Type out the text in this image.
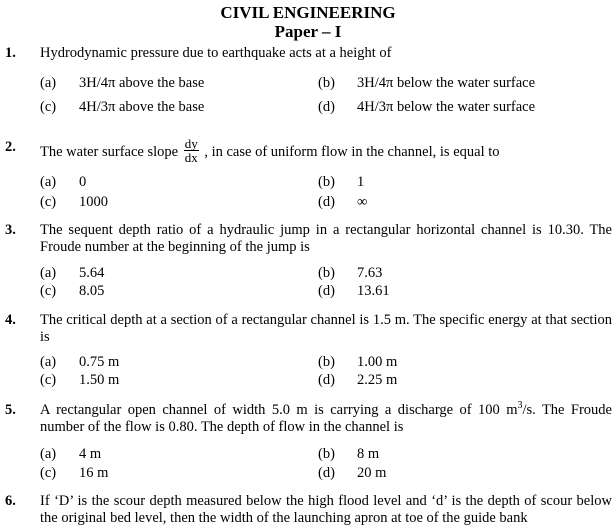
CIVIL ENGINEERING
Paper – I
1. Hydrodynamic pressure due to earthquake acts at a height of
(a) 3H/4π above the base	(b) 3H/4π below the water surface
(c) 4H/3π above the base	(d) 4H/3π below the water surface
2. The water surface slope $\frac{dy}{dx}$ , in case of uniform flow in the channel, is equal to
(a) 0	(b) 1
(c) 1000	(d) ∞
3. The sequent depth ratio of a hydraulic jump in a rectangular horizontal channel is 10.30. The Froude number at the beginning of the jump is
(a) 5.64	(b) 7.63
(c) 8.05	(d) 13.61
4. The critical depth at a section of a rectangular channel is 1.5 m. The specific energy at that section is
(a) 0.75 m	(b) 1.00 m
(c) 1.50 m	(d) 2.25 m
5. A rectangular open channel of width 5.0 m is carrying a discharge of 100 $m^3/s$. The Froude number of the flow is 0.80. The depth of flow in the channel is
(a) 4 m	(b) 8 m
(c) 16 m	(d) 20 m
6. If ‘D’ is the scour depth measured below the high flood level and ‘d’ is the depth of scour below the original bed level, then the width of the launching apron at toe of the guide bank
